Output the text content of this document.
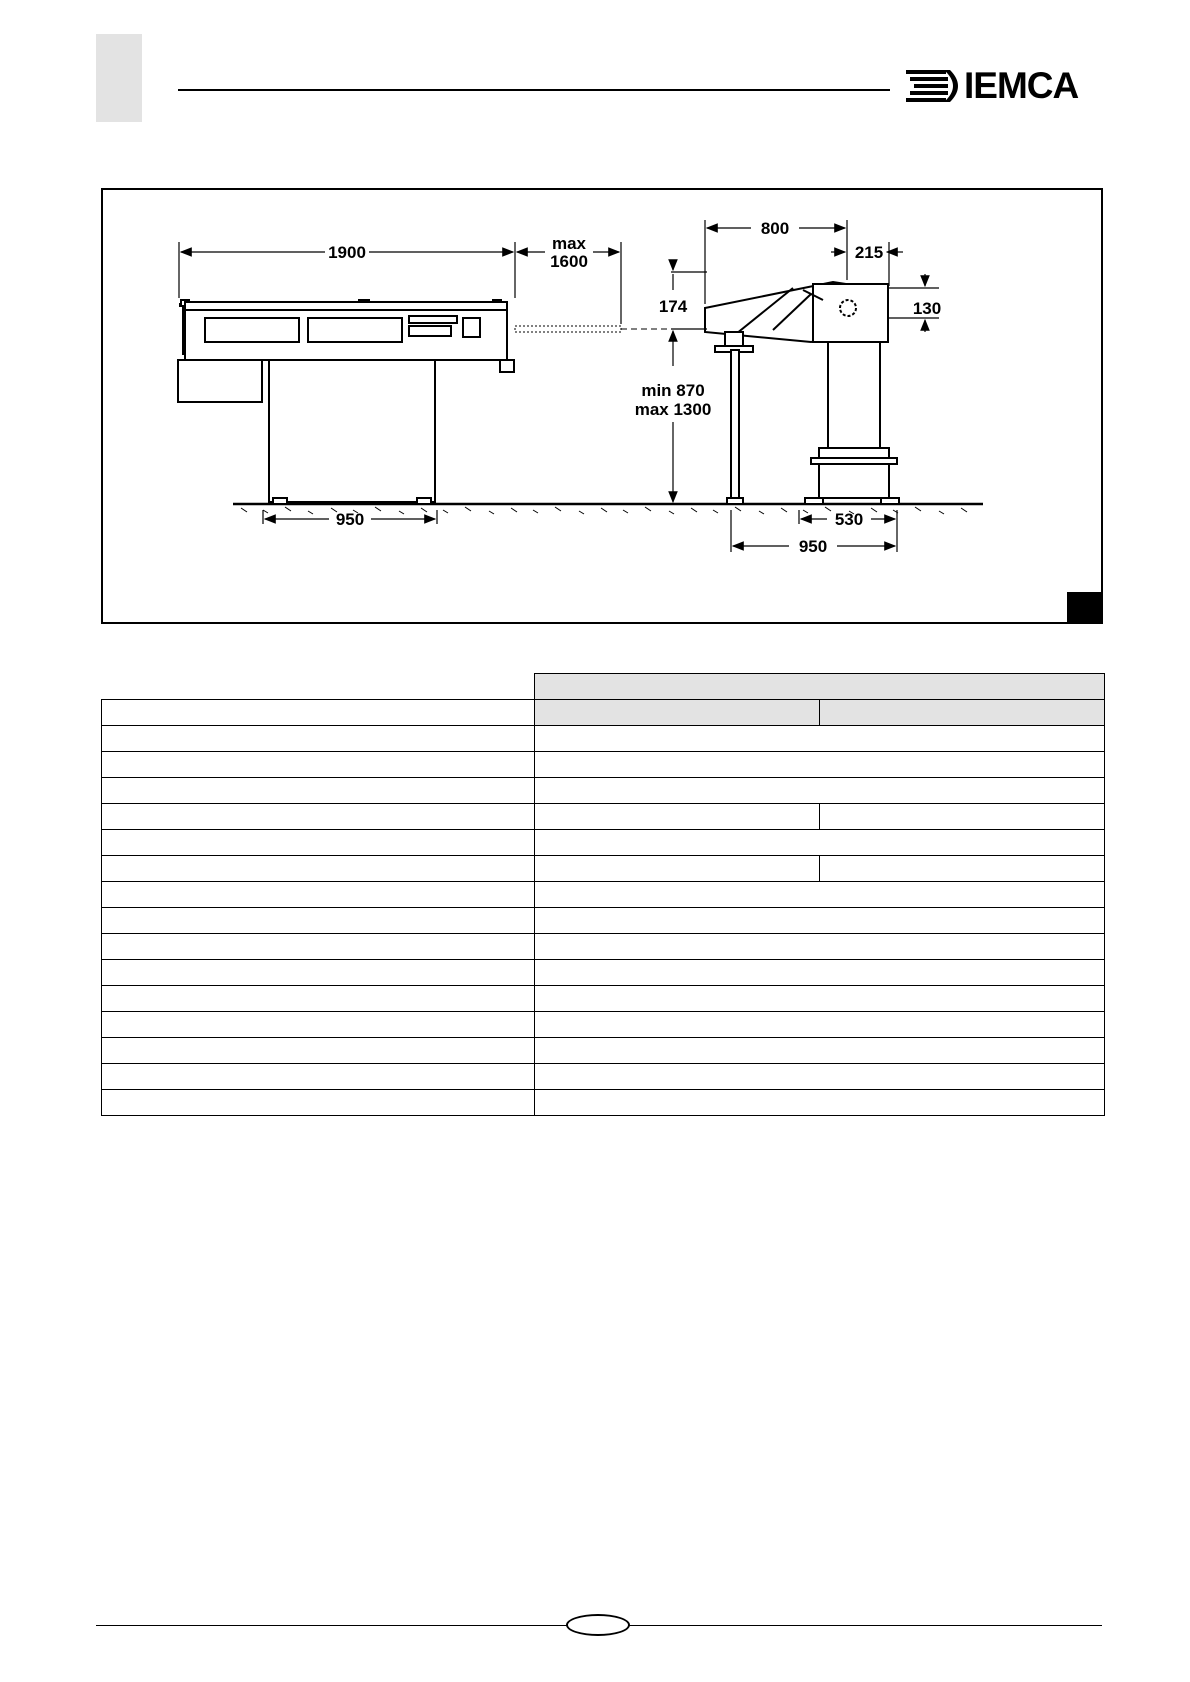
IEMCA
1900	max
1600
800
215
174	130
min 870
max 1300
950	530
950
